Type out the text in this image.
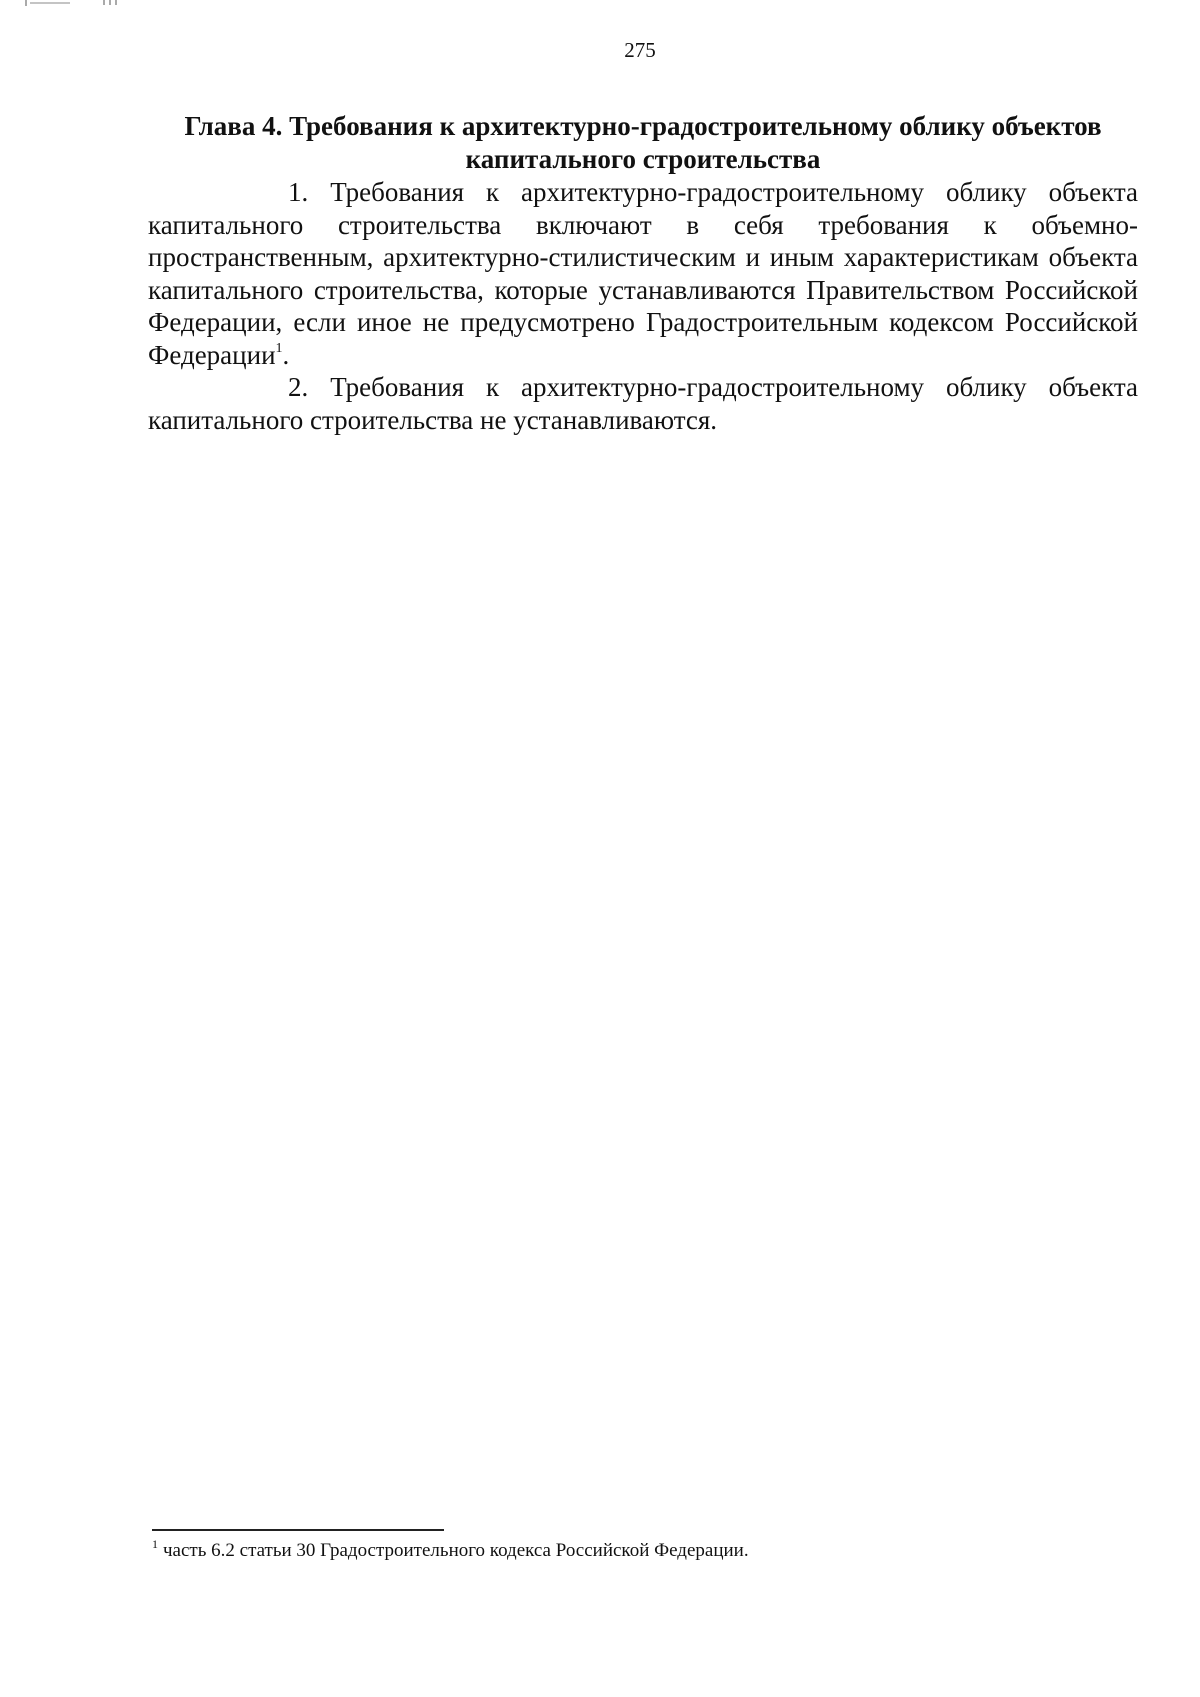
275
Глава 4. Требования к архитектурно-градостроительному облику объектов
капитального строительства

1. Требования к архитектурно-градостроительному облику объекта капитального строительства включают в себя требования к объемно-пространственным, архитектурно-стилистическим и иным характеристикам объекта капитального строительства, которые устанавливаются Правительством Российской Федерации, если иное не предусмотрено Градостроительным кодексом Российской Федерации$^1$.

2. Требования к архитектурно-градостроительному облику объекта капитального строительства не устанавливаются.

$^1$ часть 6.2 статьи 30 Градостроительного кодекса Российской Федерации.
